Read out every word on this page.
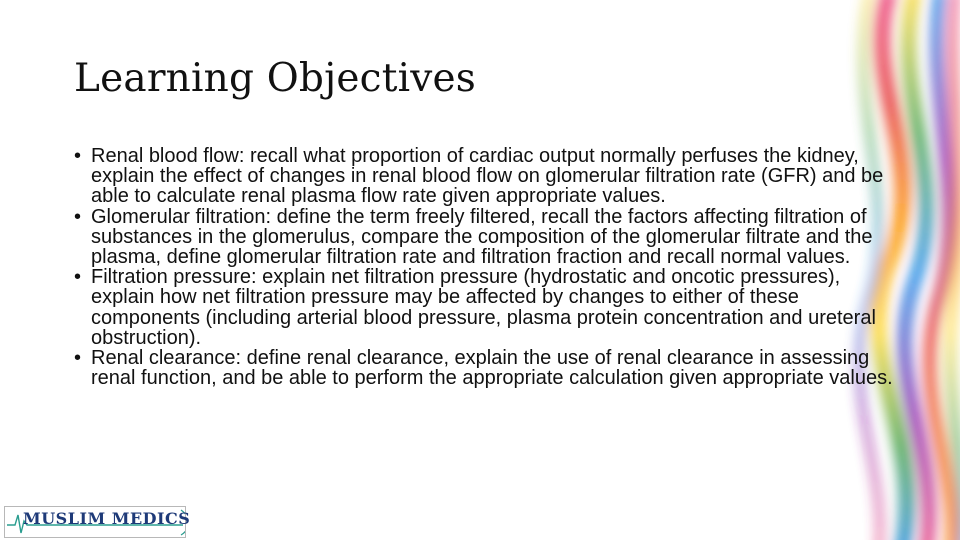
Learning Objectives
• Renal blood flow: recall what proportion of cardiac output normally perfuses the kidney, explain the effect of changes in renal blood flow on glomerular filtration rate (GFR) and be able to calculate renal plasma flow rate given appropriate values.
• Glomerular filtration: define the term freely filtered, recall the factors affecting filtration of substances in the glomerulus, compare the composition of the glomerular filtrate and the plasma, define glomerular filtration rate and filtration fraction and recall normal values.
• Filtration pressure: explain net filtration pressure (hydrostatic and oncotic pressures), explain how net filtration pressure may be affected by changes to either of these components (including arterial blood pressure, plasma protein concentration and ureteral obstruction).
• Renal clearance: define renal clearance, explain the use of renal clearance in assessing renal function, and be able to perform the appropriate calculation given appropriate values.
MUSLIM MEDICS
